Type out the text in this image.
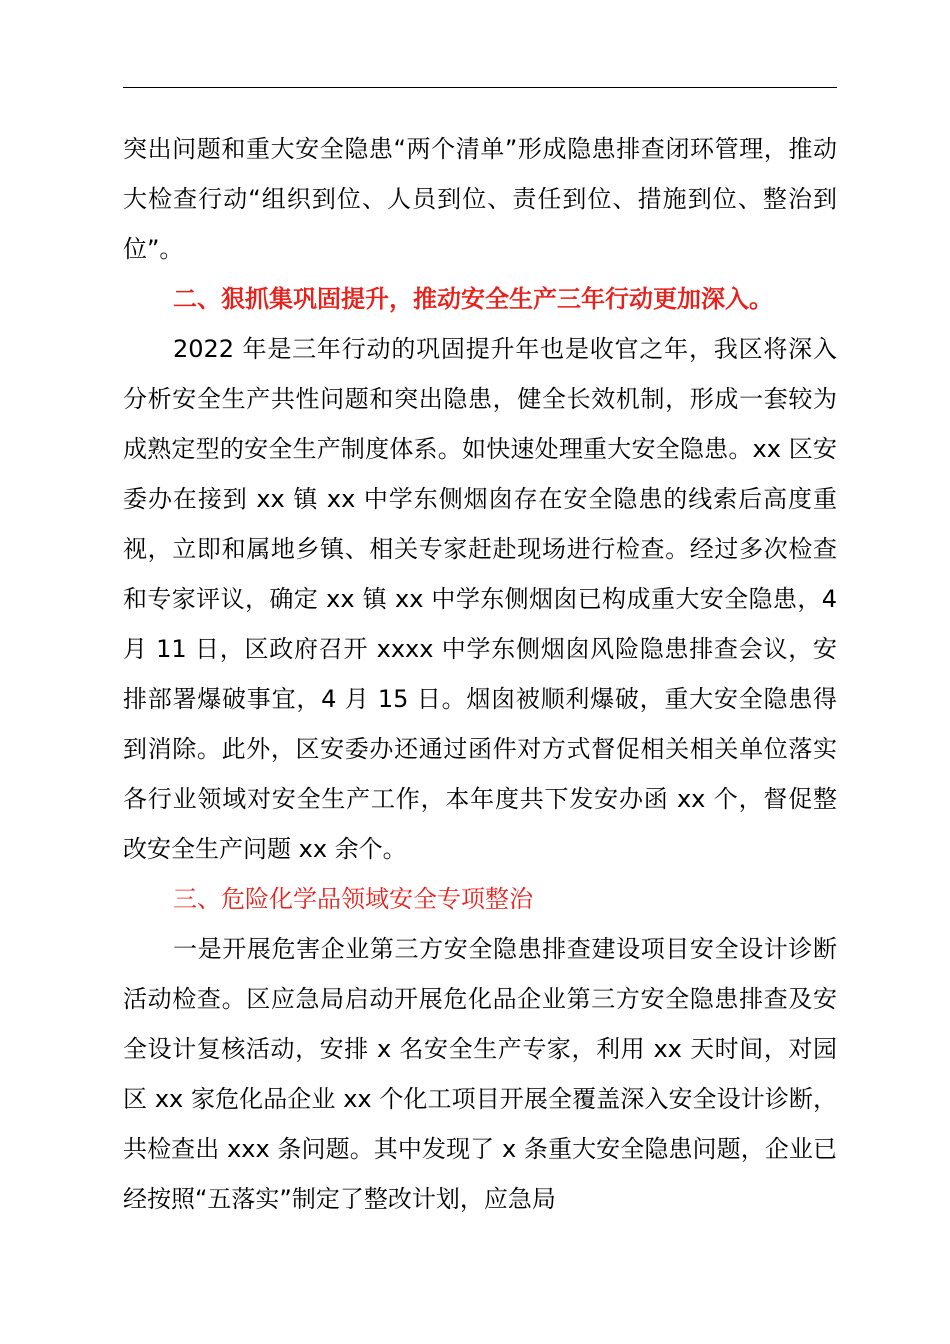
突出问题和重大安全隐患“两个清单”形成隐患排查闭环管理，推动大检查行动“组织到位、人员到位、责任到位、措施到位、整治到位”。

二、狠抓集巩固提升，推动安全生产三年行动更加深入。

2022 年是三年行动的巩固提升年也是收官之年，我区将深入分析安全生产共性问题和突出隐患，健全长效机制，形成一套较为成熟定型的安全生产制度体系。如快速处理重大安全隐患。xx 区安委办在接到 xx 镇 xx 中学东侧烟囱存在安全隐患的线索后高度重视，立即和属地乡镇、相关专家赶赴现场进行检查。经过多次检查和专家评议，确定 xx 镇 xx 中学东侧烟囱已构成重大安全隐患，4 月 11 日，区政府召开 xxxx 中学东侧烟囱风险隐患排查会议，安排部署爆破事宜，4 月 15 日。烟囱被顺利爆破，重大安全隐患得到消除。此外，区安委办还通过函件对方式督促相关相关单位落实各行业领域对安全生产工作，本年度共下发安办函 xx 个，督促整改安全生产问题 xx 余个。

三、危险化学品领域安全专项整治

一是开展危害企业第三方安全隐患排查建设项目安全设计诊断活动检查。区应急局启动开展危化品企业第三方安全隐患排查及安全设计复核活动，安排 x 名安全生产专家，利用 xx 天时间，对园区 xx 家危化品企业 xx 个化工项目开展全覆盖深入安全设计诊断，共检查出 xxx 条问题。其中发现了 x 条重大安全隐患问题，企业已经按照“五落实”制定了整改计划，应急局
